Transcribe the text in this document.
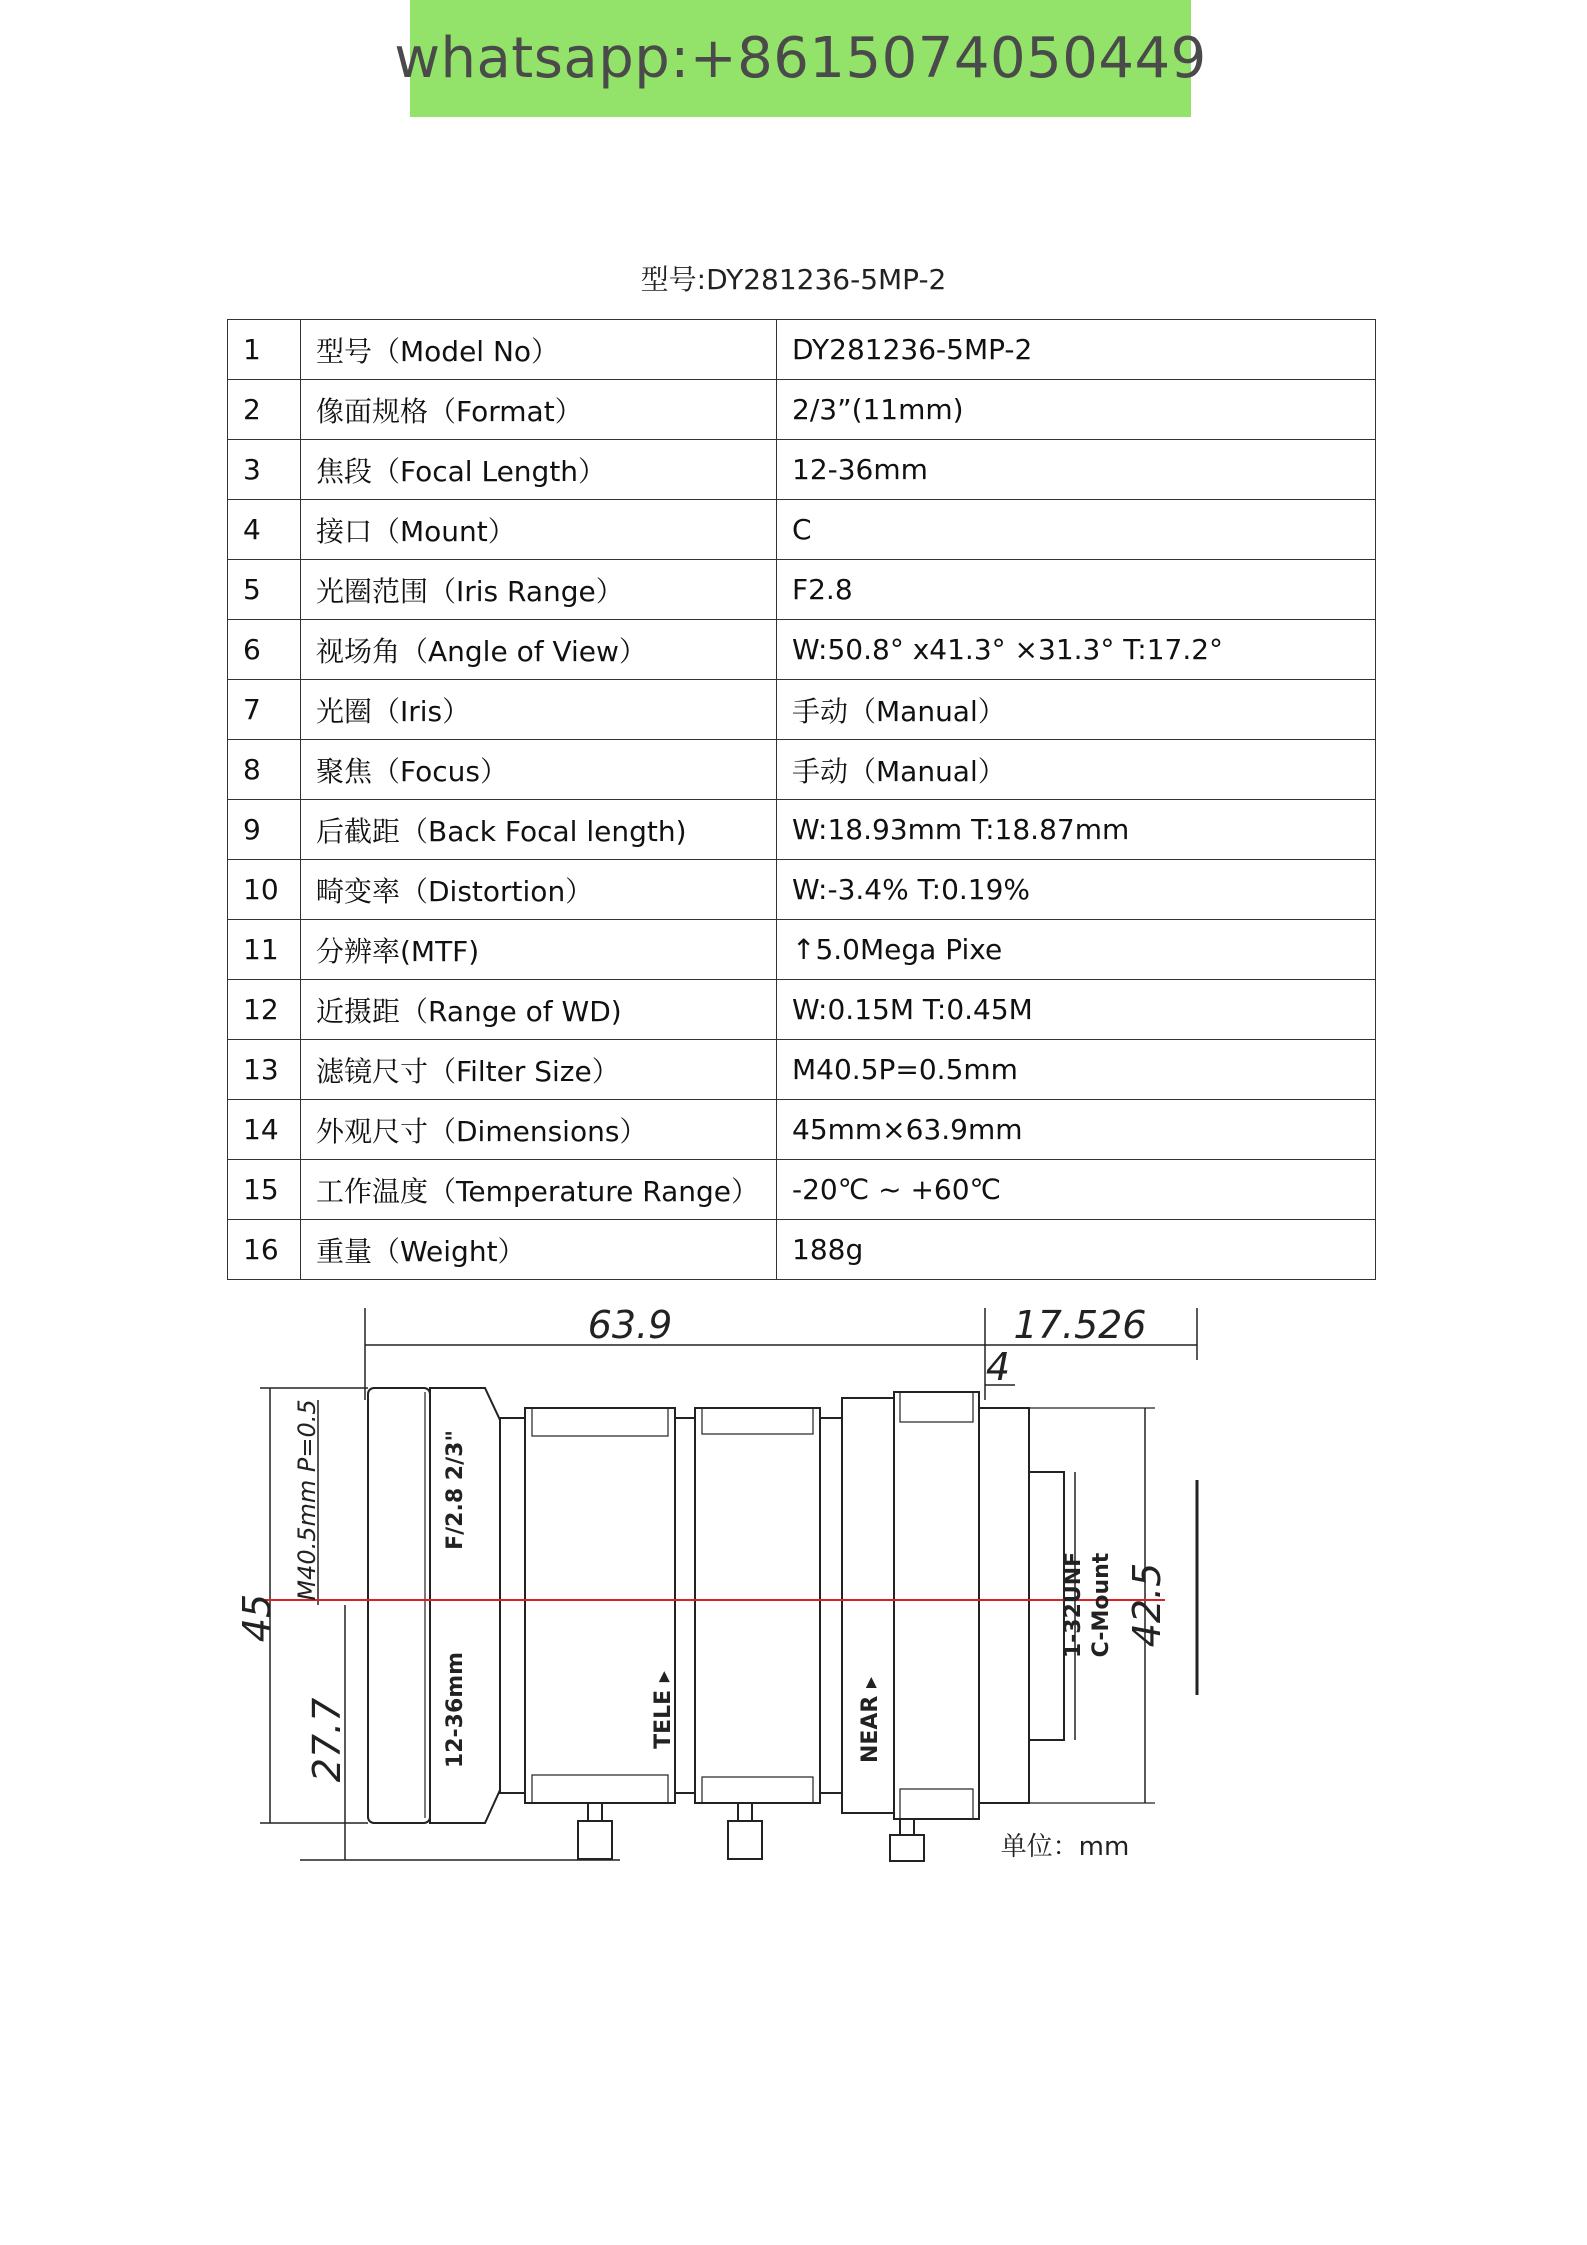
whatsapp:+8615074050449
型号:DY281236-5MP-2
1	型号（Model No）	DY281236-5MP-2
2	像面规格（Format）	2/3”(11mm)
3	焦段（Focal Length）	12-36mm
4	接口（Mount）	C
5	光圈范围（Iris Range）	F2.8
6	视场角（Angle of View）	W:50.8° x41.3° ×31.3° T:17.2°
7	光圈（Iris）	手动（Manual）
8	聚焦（Focus）	手动（Manual）
9	后截距（Back Focal length)	W:18.93mm T:18.87mm
10	畸变率（Distortion）	W:-3.4% T:0.19%
11	分辨率(MTF)	↑5.0Mega Pixe
12	近摄距（Range of WD)	W:0.15M T:0.45M
13	滤镜尺寸（Filter Size）	M40.5P=0.5mm
14	外观尺寸（Dimensions）	45mm×63.9mm
15	工作温度（Temperature Range）	-20℃ ~ +60℃
16	重量（Weight）	188g
63.9	17.526
4
45
27.7
42.5
M40.5mm P=0.5	F/2.8 2/3"
12-36mm	TELE ▸	NEAR ▸
1-32UNF C-Mount
单位：mm
